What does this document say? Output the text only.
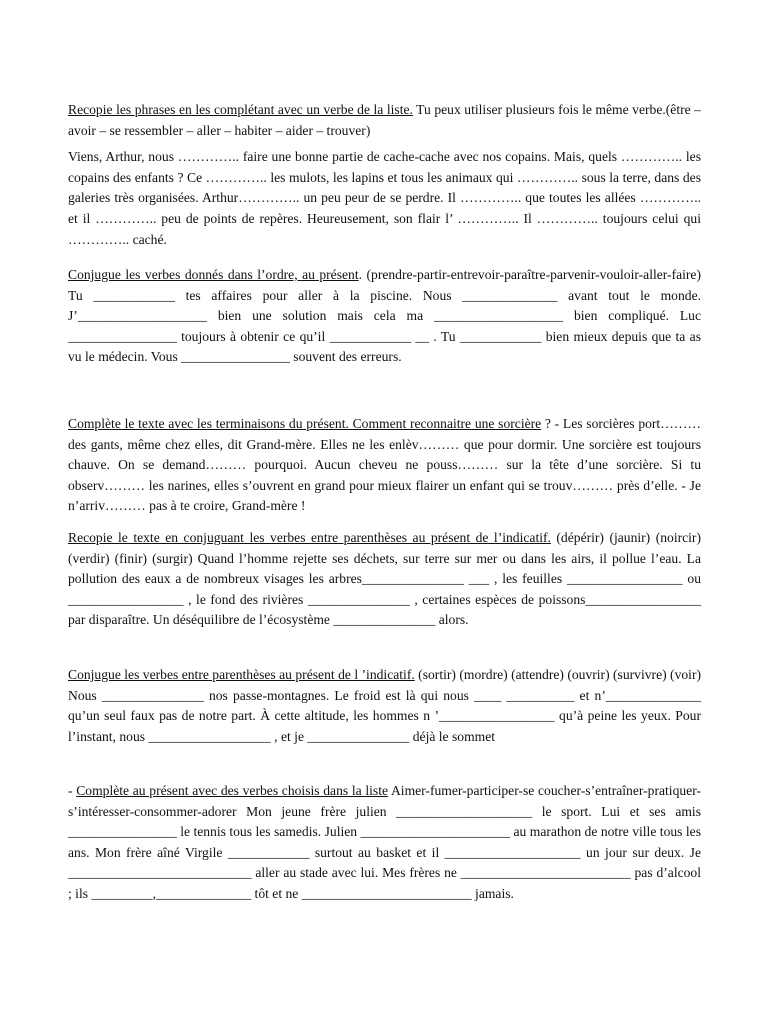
Recopie les phrases en les complétant avec un verbe de la liste. Tu peux utiliser plusieurs fois le même verbe.(être – avoir – se ressembler – aller – habiter – aider – trouver)

Viens, Arthur, nous ………….. faire une bonne partie de cache-cache avec nos copains. Mais, quels ………….. les copains des enfants ? Ce ………….. les mulots, les lapins et tous les animaux qui ………….. sous la terre, dans des galeries très organisées. Arthur………….. un peu peur de se perdre. Il ………….. que toutes les allées ………….. et il ………….. peu de points de repères. Heureusement, son flair l’ ………….. Il ………….. toujours celui qui ………….. caché.

Conjugue les verbes donnés dans l’ordre, au présent. (prendre-partir-entrevoir-paraître-parvenir-vouloir-aller-faire) Tu ____________ tes affaires pour aller à la piscine. Nous ______________ avant tout le monde. J’___________________ bien une solution mais cela ma ___________________ bien compliqué. Luc ________________ toujours à obtenir ce qu’il ____________ __ . Tu ____________ bien mieux depuis que ta as vu le médecin. Vous ________________ souvent des erreurs.

Complète le texte avec les terminaisons du présent. Comment reconnaitre une sorcière ? - Les sorcières port……… des gants, même chez elles, dit Grand-mère. Elles ne les enlèv……… que pour dormir. Une sorcière est toujours chauve. On se demand……… pourquoi. Aucun cheveu ne pouss……… sur la tête d’une sorcière. Si tu observ……… les narines, elles s’ouvrent en grand pour mieux flairer un enfant qui se trouv……… près d’elle. - Je n’arriv……… pas à te croire, Grand-mère !

Recopie le texte en conjuguant les verbes entre parenthèses au présent de l’indicatif. (dépérir) (jaunir) (noircir) (verdir) (finir) (surgir) Quand l’homme rejette ses déchets, sur terre sur mer ou dans les airs, il pollue l’eau. La pollution des eaux a de nombreux visages les arbres_______________ ___ , les feuilles _________________ ou _________________ , le fond des rivières _______________ , certaines espèces de poissons_________________ par disparaître. Un déséquilibre de l’écosystème _______________ alors.

Conjugue les verbes entre parenthèses au présent de l ’indicatif. (sortir) (mordre) (attendre) (ouvrir) (survivre) (voir) Nous _______________ nos passe-montagnes. Le froid est là qui nous ____ __________ et n’______________ qu’un seul faux pas de notre part. À cette altitude, les hommes n ’_________________ qu’à peine les yeux. Pour l’instant, nous __________________ , et je _______________ déjà le sommet

- Complète au présent avec des verbes choisis dans la liste Aimer-fumer-participer-se coucher-s’entraîner-pratiquer-s’intéresser-consommer-adorer Mon jeune frère julien ____________________ le sport. Lui et ses amis ________________ le tennis tous les samedis. Julien ______________________ au marathon de notre ville tous les ans. Mon frère aîné Virgile ____________ surtout au basket et il ____________________ un jour sur deux. Je ___________________________ aller au stade avec lui. Mes frères ne _________________________ pas d’alcool ; ils _________,______________ tôt et ne _________________________ jamais.
